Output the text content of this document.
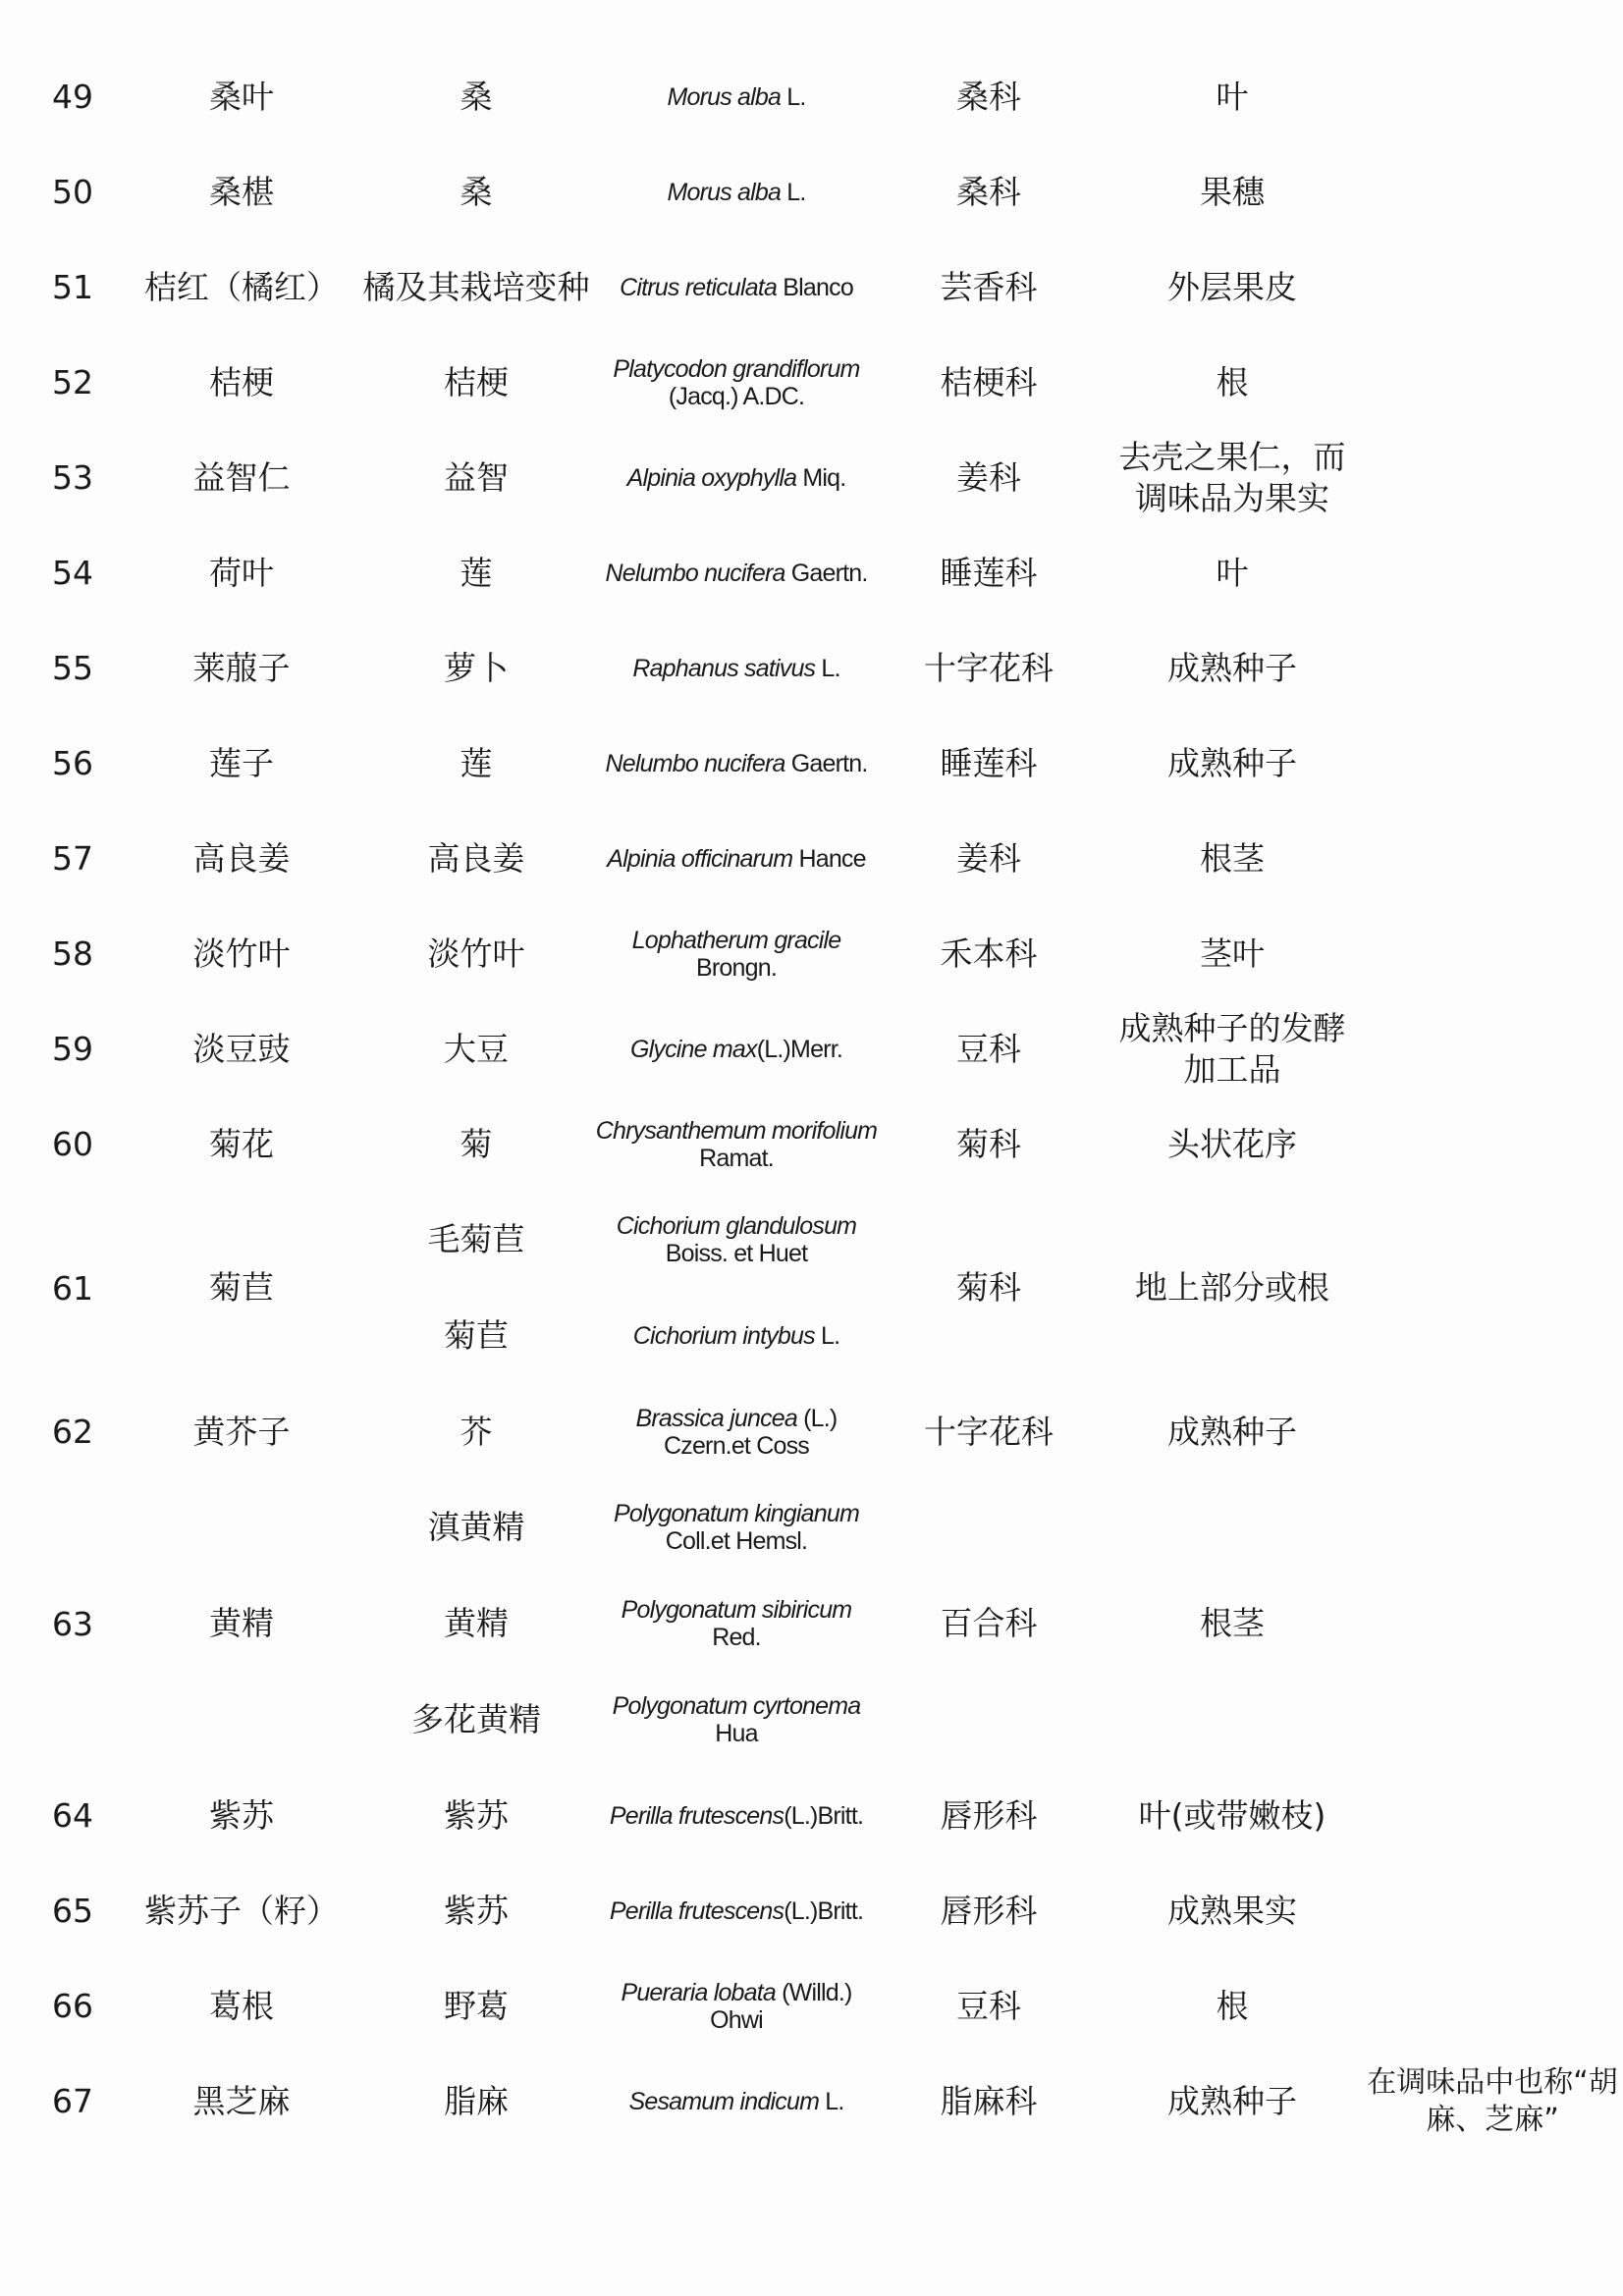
49	桑叶	桑	Morus alba L.	桑科	叶	
50	桑椹	桑	Morus alba L.	桑科	果穗	
51	桔红（橘红）	橘及其栽培变种	Citrus reticulata Blanco	芸香科	外层果皮	
52	桔梗	桔梗	Platycodon grandiflorum (Jacq.) A.DC.	桔梗科	根	
53	益智仁	益智	Alpinia oxyphylla Miq.	姜科	去壳之果仁，而调味品为果实	
54	荷叶	莲	Nelumbo nucifera Gaertn.	睡莲科	叶	
55	莱菔子	萝卜	Raphanus sativus L.	十字花科	成熟种子	
56	莲子	莲	Nelumbo nucifera Gaertn.	睡莲科	成熟种子	
57	高良姜	高良姜	Alpinia officinarum Hance	姜科	根茎	
58	淡竹叶	淡竹叶	Lophatherum gracile Brongn.	禾本科	茎叶	
59	淡豆豉	大豆	Glycine max(L.)Merr.	豆科	成熟种子的发酵加工品	
60	菊花	菊	Chrysanthemum morifolium Ramat.	菊科	头状花序	
61	菊苣	毛菊苣	Cichorium glandulosum Boiss. et Huet	菊科	地上部分或根	
		菊苣	Cichorium intybus L.			
62	黄芥子	芥	Brassica juncea (L.) Czern.et Coss	十字花科	成熟种子	
63	黄精	滇黄精	Polygonatum kingianum Coll.et Hemsl.	百合科	根茎	
		黄精	Polygonatum sibiricum Red.			
		多花黄精	Polygonatum cyrtonema Hua			
64	紫苏	紫苏	Perilla frutescens(L.)Britt.	唇形科	叶(或带嫩枝)	
65	紫苏子（籽）	紫苏	Perilla frutescens(L.)Britt.	唇形科	成熟果实	
66	葛根	野葛	Pueraria lobata (Willd.) Ohwi	豆科	根	
67	黑芝麻	脂麻	Sesamum indicum L.	脂麻科	成熟种子	在调味品中也称“胡麻、芝麻”
